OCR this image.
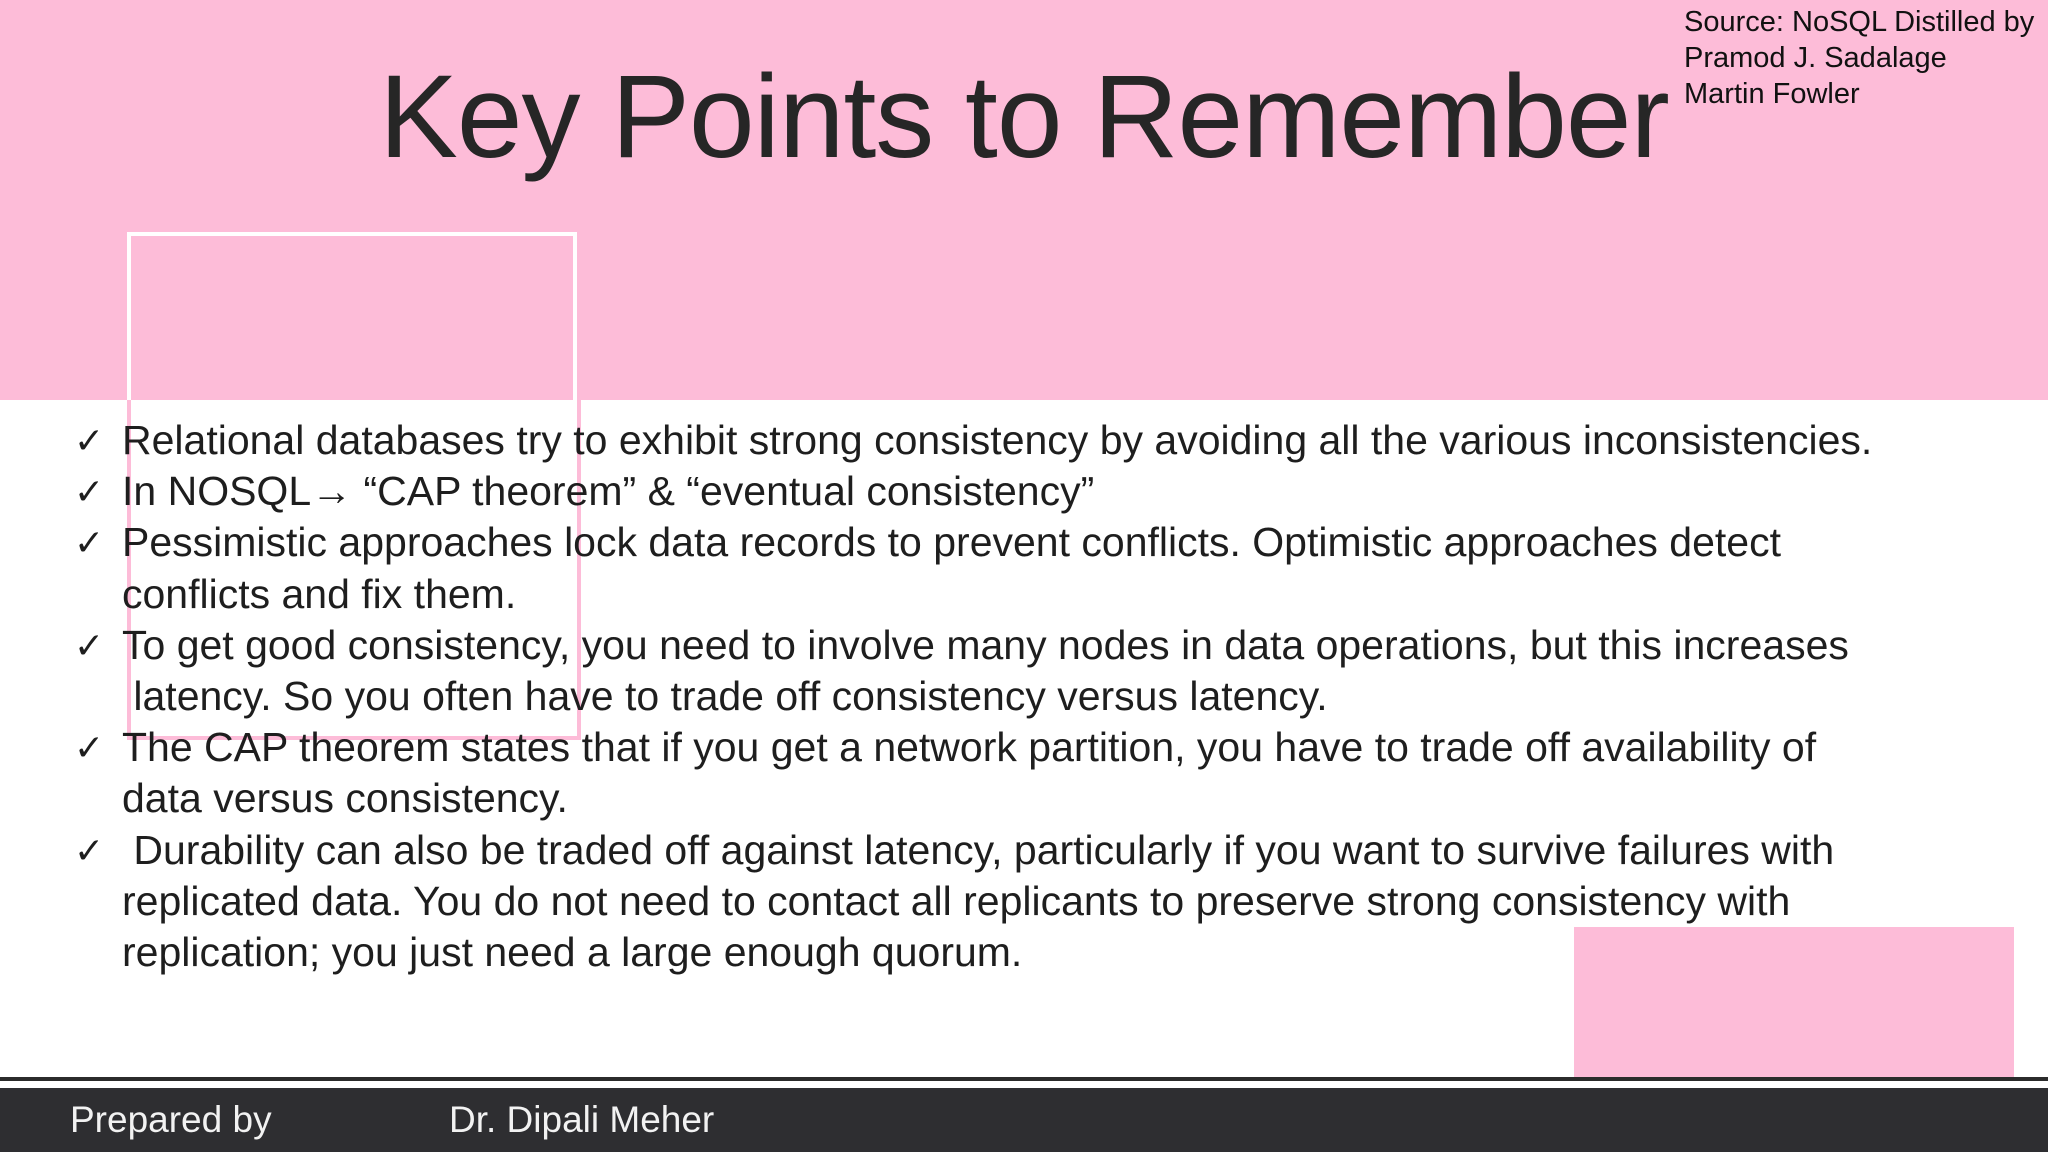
Key Points to Remember
Source: NoSQL Distilled by
Pramod J. Sadalage
Martin Fowler
✓ Relational databases try to exhibit strong consistency by avoiding all the various inconsistencies.
✓ In NOSQL→ “CAP theorem” & “eventual consistency”
✓ Pessimistic approaches lock data records to prevent conflicts. Optimistic approaches detect
conflicts and fix them.
✓ To get good consistency, you need to involve many nodes in data operations, but this increases
latency. So you often have to trade off consistency versus latency.
✓ The CAP theorem states that if you get a network partition, you have to trade off availability of
data versus consistency.
✓ Durability can also be traded off against latency, particularly if you want to survive failures with
replicated data. You do not need to contact all replicants to preserve strong consistency with
replication; you just need a large enough quorum.
Prepared by	Dr. Dipali Meher
